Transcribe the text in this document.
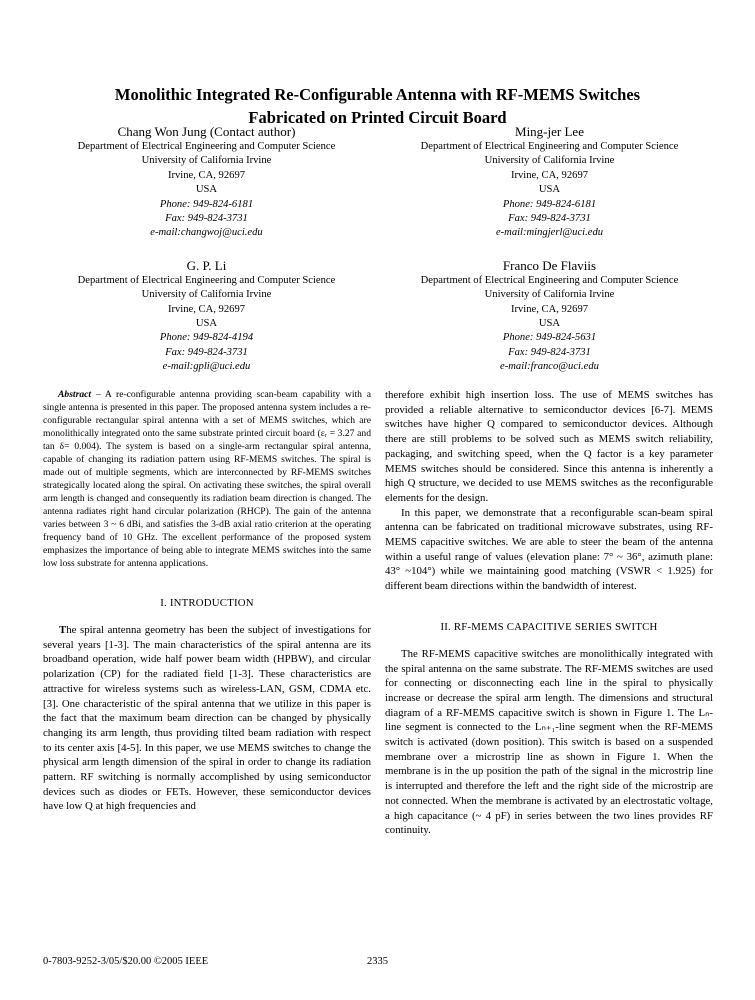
Monolithic Integrated Re-Configurable Antenna with RF-MEMS Switches
Fabricated on Printed Circuit Board
Chang Won Jung (Contact author)
Department of Electrical Engineering and Computer Science
University of California Irvine
Irvine, CA, 92697
USA
Phone: 949-824-6181
Fax: 949-824-3731
e-mail:changwoj@uci.edu
Ming-jer Lee
Department of Electrical Engineering and Computer Science
University of California Irvine
Irvine, CA, 92697
USA
Phone: 949-824-6181
Fax: 949-824-3731
e-mail:mingjerl@uci.edu
G. P. Li
Department of Electrical Engineering and Computer Science
University of California Irvine
Irvine, CA, 92697
USA
Phone: 949-824-4194
Fax: 949-824-3731
e-mail:gpli@uci.edu
Franco De Flaviis
Department of Electrical Engineering and Computer Science
University of California Irvine
Irvine, CA, 92697
USA
Phone: 949-824-5631
Fax: 949-824-3731
e-mail:franco@uci.edu

Abstract – A re-configurable antenna providing scan-beam capability with a single antenna is presented in this paper. The proposed antenna system includes a re-configurable rectangular spiral antenna with a set of MEMS switches, which are monolithically integrated onto the same substrate printed circuit board (εᵣ = 3.27 and tan δ= 0.004). The system is based on a single-arm rectangular spiral antenna, capable of changing its radiation pattern using RF-MEMS switches. The spiral is made out of multiple segments, which are interconnected by RF-MEMS switches strategically located along the spiral. On activating these switches, the spiral overall arm length is changed and consequently its radiation beam direction is changed. The antenna radiates right hand circular polarization (RHCP). The gain of the antenna varies between 3 ~ 6 dBi, and satisfies the 3-dB axial ratio criterion at the operating frequency band of 10 GHz. The excellent performance of the proposed system emphasizes the importance of being able to integrate MEMS switches into the same low loss substrate for antenna applications.

I. INTRODUCTION

The spiral antenna geometry has been the subject of investigations for several years [1-3]. The main characteristics of the spiral antenna are its broadband operation, wide half power beam width (HPBW), and circular polarization (CP) for the radiated field [1-3]. These characteristics are attractive for wireless systems such as wireless-LAN, GSM, CDMA etc. [3]. One characteristic of the spiral antenna that we utilize in this paper is the fact that the maximum beam direction can be changed by physically changing its arm length, thus providing tilted beam radiation with respect to its center axis [4-5]. In this paper, we use MEMS switches to change the physical arm length dimension of the spiral in order to change its radiation pattern. RF switching is normally accomplished by using semiconductor devices such as diodes or FETs. However, these semiconductor devices have low Q at high frequencies and

therefore exhibit high insertion loss. The use of MEMS switches has provided a reliable alternative to semiconductor devices [6-7]. MEMS switches have higher Q compared to semiconductor devices. Although there are still problems to be solved such as MEMS switch reliability, packaging, and switching speed, when the Q factor is a key parameter MEMS switches should be considered. Since this antenna is inherently a high Q structure, we decided to use MEMS switches as the reconfigurable elements for the design.

In this paper, we demonstrate that a reconfigurable scan-beam spiral antenna can be fabricated on traditional microwave substrates, using RF-MEMS capacitive switches. We are able to steer the beam of the antenna within a useful range of values (elevation plane: 7° ~ 36°, azimuth plane: 43° ~104°) while we maintaining good matching (VSWR < 1.925) for different beam directions within the bandwidth of interest.

II. RF-MEMS CAPACITIVE SERIES SWITCH

The RF-MEMS capacitive switches are monolithically integrated with the spiral antenna on the same substrate. The RF-MEMS switches are used for connecting or disconnecting each line in the spiral to physically increase or decrease the spiral arm length. The dimensions and structural diagram of a RF-MEMS capacitive switch is shown in Figure 1. The Lₙ-line segment is connected to the Lₙ₊₁-line segment when the RF-MEMS switch is activated (down position). This switch is based on a suspended membrane over a microstrip line as shown in Figure 1. When the membrane is in the up position the path of the signal in the microstrip line is interrupted and therefore the left and the right side of the microstrip are not connected. When the membrane is activated by an electrostatic voltage, a high capacitance (~ 4 pF) in series between the two lines provides RF continuity.

0-7803-9252-3/05/$20.00 ©2005 IEEE	2335
